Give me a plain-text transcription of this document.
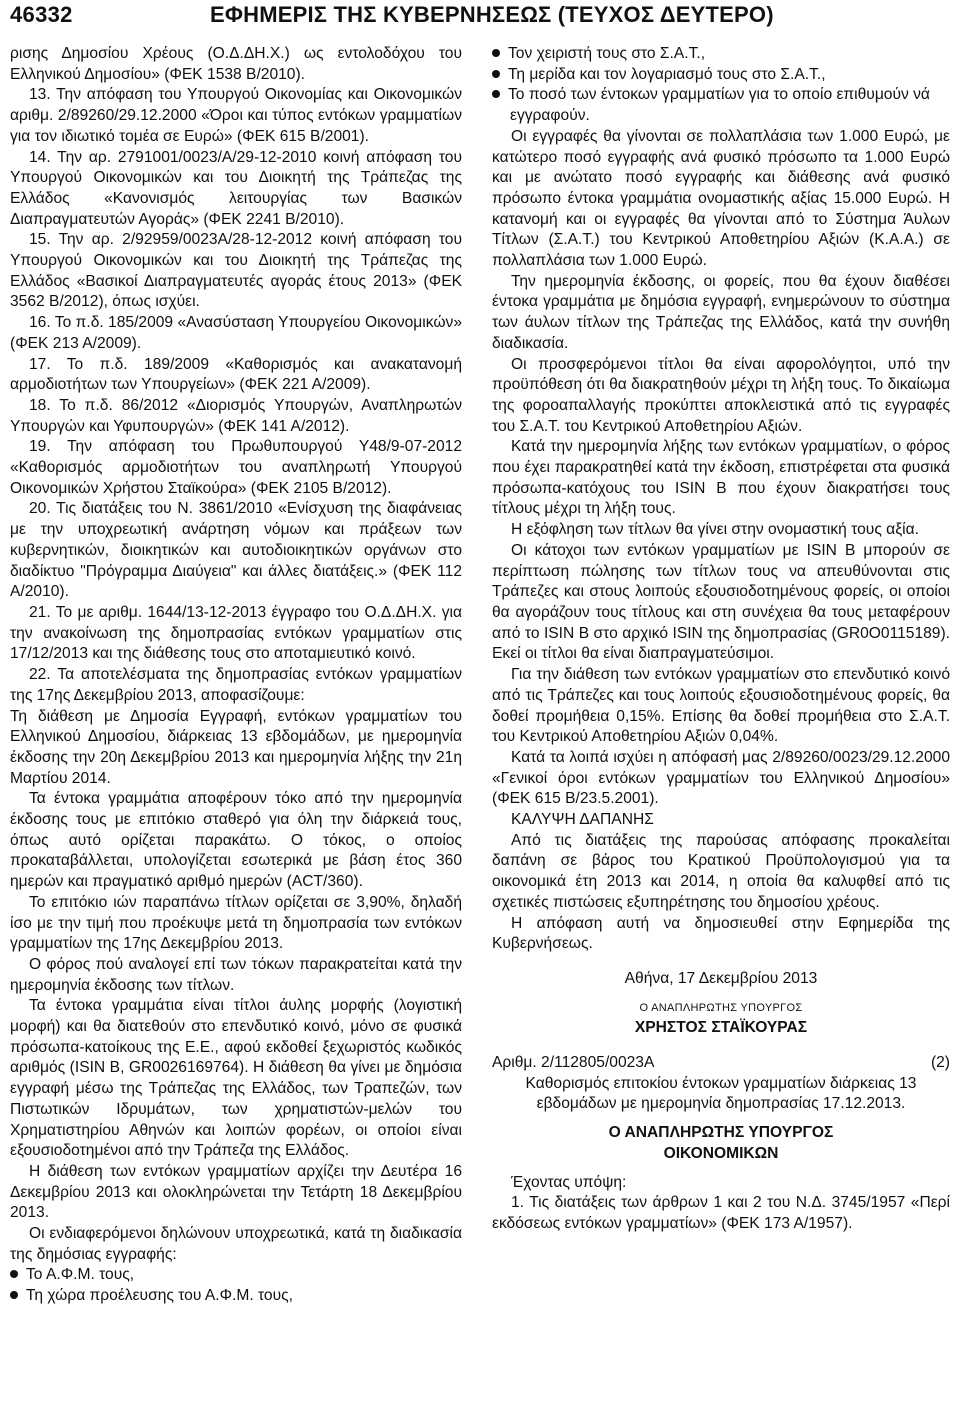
46332	ΕΦΗΜΕΡΙΣ ΤΗΣ ΚΥΒΕΡΝΗΣΕΩΣ (ΤΕΥΧΟΣ ΔΕΥΤΕΡΟ)

ρισης Δημοσίου Χρέους (Ο.Δ.ΔΗ.Χ.) ως εντολοδόχου του Ελληνικού Δημοσίου» (ΦΕΚ 1538 Β/2010).

13. Την απόφαση του Υπουργού Οικονομίας και Οικονομικών αριθμ. 2/89260/29.12.2000 «Όροι και τύπος εντόκων γραμματίων για τον ιδιωτικό τομέα σε Ευρώ» (ΦΕΚ 615 Β/2001).

14. Την αρ. 2791001/0023/Α/29-12-2010 κοινή απόφαση του Υπουργού Οικονομικών και του Διοικητή της Τράπεζας της Ελλάδος «Κανονισμός λειτουργίας των Βασικών Διαπραγματευτών Αγοράς» (ΦΕΚ 2241 Β/2010).

15. Την αρ. 2/92959/0023Α/28-12-2012 κοινή απόφαση του Υπουργού Οικονομικών και του Διοικητή της Τράπεζας της Ελλάδος «Βασικοί Διαπραγματευτές αγοράς έτους 2013» (ΦΕΚ 3562 Β/2012), όπως ισχύει.

16. Το π.δ. 185/2009 «Ανασύσταση Υπουργείου Οικονομικών» (ΦΕΚ 213 Α/2009).

17. Το π.δ. 189/2009 «Καθορισμός και ανακατανομή αρμοδιοτήτων των Υπουργείων» (ΦΕΚ 221 Α/2009).

18. Το π.δ. 86/2012 «Διορισμός Υπουργών, Αναπληρωτών Υπουργών και Υφυπουργών» (ΦΕΚ 141 Α/2012).

19. Την απόφαση του Πρωθυπουργού Υ48/9-07-2012 «Καθορισμός αρμοδιοτήτων του αναπληρωτή Υπουργού Οικονομικών Χρήστου Σταϊκούρα» (ΦΕΚ 2105 Β/2012).

20. Τις διατάξεις του Ν. 3861/2010 «Ενίσχυση της διαφάνειας με την υποχρεωτική ανάρτηση νόμων και πράξεων των κυβερνητικών, διοικητικών και αυτοδιοικητικών οργάνων στο διαδίκτυο "Πρόγραμμα Διαύγεια" και άλλες διατάξεις.» (ΦΕΚ 112 Α/2010).

21. Το με αριθμ. 1644/13-12-2013 έγγραφο του Ο.Δ.ΔΗ.Χ. για την ανακοίνωση της δημοπρασίας εντόκων γραμματίων στις 17/12/2013 και της διάθεσης τους στο αποταμιευτικό κοινό.

22. Τα αποτελέσματα της δημοπρασίας εντόκων γραμματίων της 17ης Δεκεμβρίου 2013, αποφασίζουμε:

Τη διάθεση με Δημοσία Εγγραφή, εντόκων γραμματίων του Ελληνικού Δημοσίου, διάρκειας 13 εβδομάδων, με ημερομηνία έκδοσης την 20η Δεκεμβρίου 2013 και ημερομηνία λήξης την 21η Μαρτίου 2014.

Τα έντοκα γραμμάτια αποφέρουν τόκο από την ημερομηνία έκδοσης τους με επιτόκιο σταθερό για όλη την διάρκειά τους, όπως αυτό ορίζεται παρακάτω. Ο τόκος, ο οποίος προκαταβάλλεται, υπολογίζεται εσωτερικά με βάση έτος 360 ημερών και πραγματικό αριθμό ημερών (ACT/360).

Το επιτόκιο ιών παραπάνω τίτλων ορίζεται σε 3,90%, δηλαδή ίσο με την τιμή που προέκυψε μετά τη δημοπρασία των εντόκων γραμματίων της 17ης Δεκεμβρίου 2013.

Ο φόρος πού αναλογεί επί των τόκων παρακρατείται κατά την ημερομηνία έκδοσης των τίτλων.

Τα έντοκα γραμμάτια είναι τίτλοι άυλης μορφής (λογιστική μορφή) και θα διατεθούν στο επενδυτικό κοινό, μόνο σε φυσικά πρόσωπα-κατοίκους της Ε.Ε., αφού εκδοθεί ξεχωριστός κωδικός αριθμός (ISIN B, GR0026169764). Η διάθεση θα γίνει με δημόσια εγγραφή μέσω της Τράπεζας της Ελλάδος, των Τραπεζών, των Πιστωτικών Ιδρυμάτων, των χρηματιστών-μελών του Χρηματιστηρίου Αθηνών και λοιπών φορέων, οι οποίοι είναι εξουσιοδοτημένοι από την Τράπεζα της Ελλάδος.

Η διάθεση των εντόκων γραμματίων αρχίζει την Δευτέρα 16 Δεκεμβρίου 2013 και ολοκληρώνεται την Τετάρτη 18 Δεκεμβρίου 2013.

Οι ενδιαφερόμενοι δηλώνουν υποχρεωτικά, κατά τη διαδικασία της δημόσιας εγγραφής:

Το Α.Φ.Μ. τους,

Τη χώρα προέλευσης του Α.Φ.Μ. τους,

Τον χειριστή τους στο Σ.Α.Τ.,

Τη μερίδα και τον λογαριασμό τους στο Σ.Α.Τ.,

Το ποσό των έντοκων γραμματίων για το οποίο επιθυμούν νά εγγραφούν.

Οι εγγραφές θα γίνονται σε πολλαπλάσια των 1.000 Ευρώ, με κατώτερο ποσό εγγραφής ανά φυσικό πρόσωπο τα 1.000 Ευρώ και με ανώτατο ποσό εγγραφής και διάθεσης ανά φυσικό πρόσωπο έντοκα γραμμάτια ονομαστικής αξίας 15.000 Ευρώ. Η κατανομή και οι εγγραφές θα γίνονται από το Σύστημα Άυλων Τίτλων (Σ.Α.Τ.) του Κεντρικού Αποθετηρίου Αξιών (Κ.Α.Α.) σε πολλαπλάσια των 1.000 Ευρώ.

Την ημερομηνία έκδοσης, οι φορείς, που θα έχουν διαθέσει έντοκα γραμμάτια με δημόσια εγγραφή, ενημερώνουν το σύστημα των άυλων τίτλων της Τράπεζας της Ελλάδος, κατά την συνήθη διαδικασία.

Οι προσφερόμενοι τίτλοι θα είναι αφορολόγητοι, υπό την προϋπόθεση ότι θα διακρατηθούν μέχρι τη λήξη τους. Το δικαίωμα της φοροαπαλλαγής προκύπτει αποκλειστικά από τις εγγραφές του Σ.Α.Τ. του Κεντρικού Αποθετηρίου Αξιών.

Κατά την ημερομηνία λήξης των εντόκων γραμματίων, ο φόρος που έχει παρακρατηθεί κατά την έκδοση, επιστρέφεται στα φυσικά πρόσωπα-κατόχους του ISIN B που έχουν διακρατήσει τους τίτλους μέχρι τη λήξη τους.

Η εξόφληση των τίτλων θα γίνει στην ονομαστική τους αξία.

Οι κάτοχοι των εντόκων γραμματίων με ISIN B μπορούν σε περίπτωση πώλησης των τίτλων τους να απευθύνονται στις Τράπεζες και στους λοιπούς εξουσιοδοτημένους φορείς, οι οποίοι θα αγοράζουν τους τίτλους και στη συνέχεια θα τους μεταφέρουν από το ISIN B στο αρχικό ISIN της δημοπρασίας (GR0O0115189). Εκεί οι τίτλοι θα είναι διαπραγματεύσιμοι.

Για την διάθεση των εντόκων γραμματίων στο επενδυτικό κοινό από τις Τράπεζες και τους λοιπούς εξουσιοδοτημένους φορείς, θα δοθεί προμήθεια 0,15%. Επίσης θα δοθεί προμήθεια στο Σ.Α.Τ. του Κεντρικού Αποθετηρίου Αξιών 0,04%.

Κατά τα λοιπά ισχύει η απόφασή μας 2/89260/0023/29.12.2000 «Γενικοί όροι εντόκων γραμματίων του Ελληνικού Δημοσίου» (ΦΕΚ 615 Β/23.5.2001).

ΚΑΛΥΨΗ ΔΑΠΑΝΗΣ

Από τις διατάξεις της παρούσας απόφασης προκαλείται δαπάνη σε βάρος του Κρατικού Προϋπολογισμού για τα οικονομικά έτη 2013 και 2014, η οποία θα καλυφθεί από τις σχετικές πιστώσεις εξυπηρέτησης του δημοσίου χρέους.

Η απόφαση αυτή να δημοσιευθεί στην Εφημερίδα της Κυβερνήσεως.

Αθήνα, 17 Δεκεμβρίου 2013

Ο ΑΝΑΠΛΗΡΩΤΗΣ ΥΠΟΥΡΓΟΣ

ΧΡΗΣΤΟΣ ΣΤΑΪΚΟΥΡΑΣ

Αριθμ. 2/112805/0023Α	(2)

Καθορισμός επιτοκίου έντοκων γραμματίων διάρκειας 13 εβδομάδων με ημερομηνία δημοπρασίας 17.12.2013.

Ο ΑΝΑΠΛΗΡΩΤΗΣ ΥΠΟΥΡΓΟΣ

ΟΙΚΟΝΟΜΙΚΩΝ

Έχοντας υπόψη:

1. Τις διατάξεις των άρθρων 1 και 2 του Ν.Δ. 3745/1957 «Περί εκδόσεως εντόκων γραμματίων» (ΦΕΚ 173 Α/1957).
